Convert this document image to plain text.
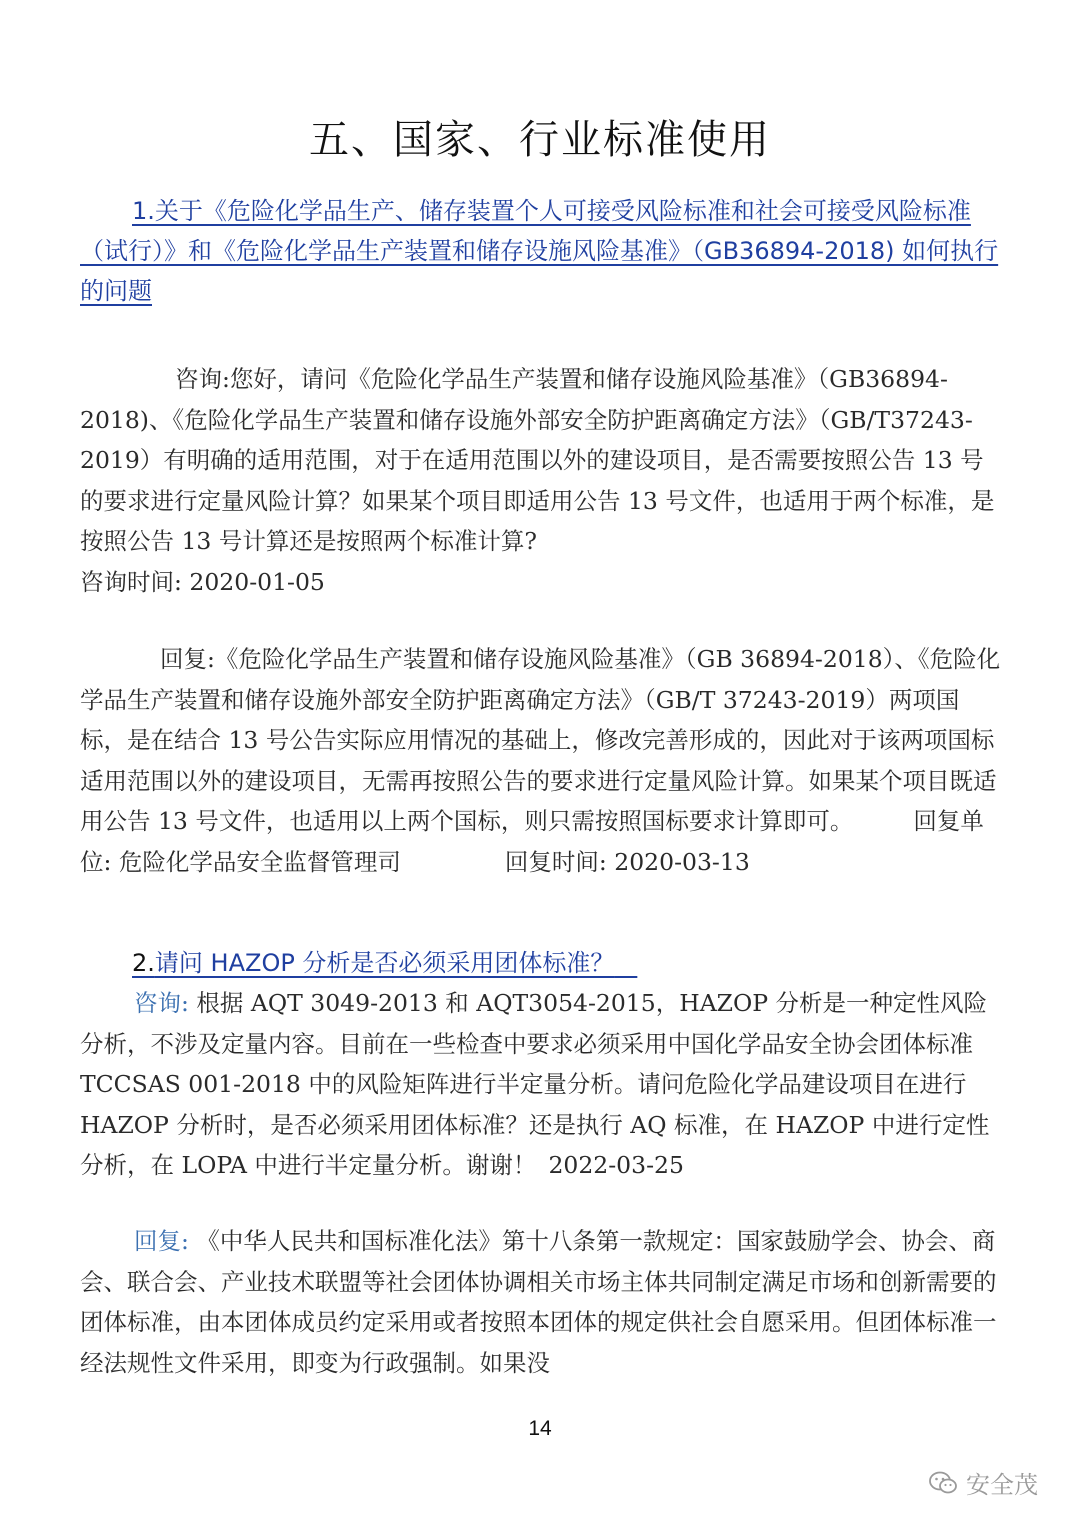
五、国家、行业标准使用
1.关于《危险化学品生产、储存装置个人可接受风险标准和社会可接受风险标准（试行）》和《危险化学品生产装置和储存设施风险基准》（GB36894-2018) 如何执行的问题
咨询:您好，请问《危险化学品生产装置和储存设施风险基准》（GB36894-2018)、《危险化学品生产装置和储存设施外部安全防护距离确定方法》（GB/T37243-2019）有明确的适用范围，对于在适用范围以外的建设项目，是否需要按照公告 13 号的要求进行定量风险计算？如果某个项目即适用公告 13 号文件，也适用于两个标准，是按照公告 13 号计算还是按照两个标准计算?
咨询时间: 2020-01-05
回复:《危险化学品生产装置和储存设施风险基准》（GB 36894-2018）、《危险化学品生产装置和储存设施外部安全防护距离确定方法》（GB/T 37243-2019）两项国标，是在结合 13 号公告实际应用情况的基础上，修改完善形成的，因此对于该两项国标适用范围以外的建设项目，无需再按照公告的要求进行定量风险计算。如果某个项目既适用公告 13 号文件，也适用以上两个国标，则只需按照国标要求计算即可。	回复单位: 危险化学品安全监督管理司	回复时间: 2020-03-13
2.请问 HAZOP 分析是否必须采用团体标准？
咨询: 根据 AQT 3049-2013 和 AQT3054-2015，HAZOP 分析是一种定性风险分析，不涉及定量内容。目前在一些检查中要求必须采用中国化学品安全协会团体标准 TCCSAS 001-2018 中的风险矩阵进行半定量分析。请问危险化学品建设项目在进行 HAZOP 分析时，是否必须采用团体标准？还是执行 AQ 标准，在 HAZOP 中进行定性分析，在 LOPA 中进行半定量分析。谢谢！ 2022-03-25
回复: 《中华人民共和国标准化法》第十八条第一款规定：国家鼓励学会、协会、商会、联合会、产业技术联盟等社会团体协调相关市场主体共同制定满足市场和创新需要的团体标准，由本团体成员约定采用或者按照本团体的规定供社会自愿采用。但团体标准一经法规性文件采用，即变为行政强制。如果没
14
安全茂
